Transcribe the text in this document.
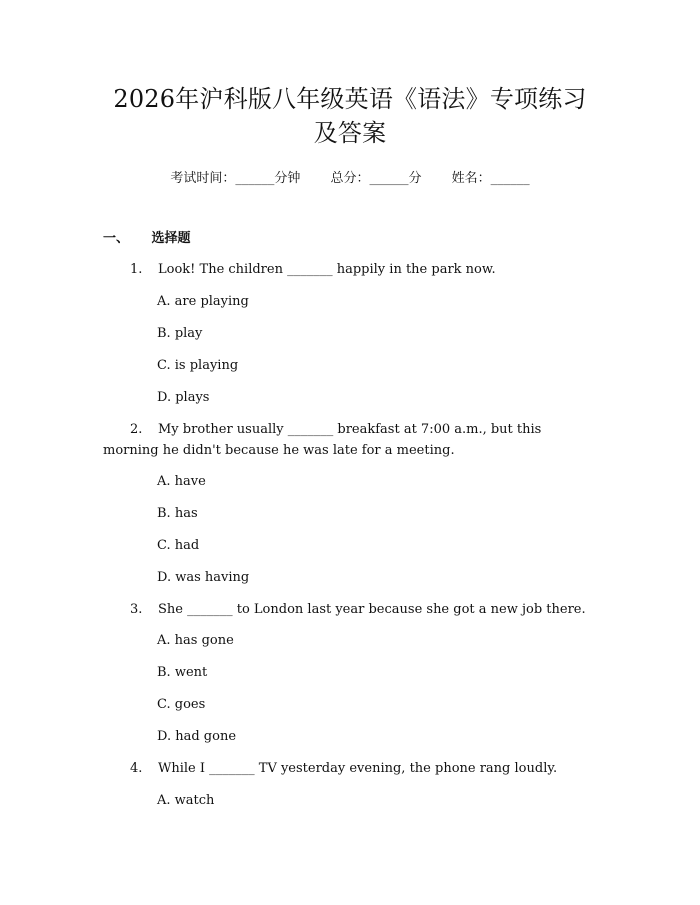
2026年沪科版八年级英语《语法》专项练习
及答案
考试时间：______分钟 总分：______分 姓名：______
一、 选择题
1. Look! The children _______ happily in the park now.
A. are playing
B. play
C. is playing
D. plays
2. My brother usually _______ breakfast at 7:00 a.m., but this
morning he didn't because he was late for a meeting.
A. have
B. has
C. had
D. was having
3. She _______ to London last year because she got a new job there.
A. has gone
B. went
C. goes
D. had gone
4. While I _______ TV yesterday evening, the phone rang loudly.
A. watch
